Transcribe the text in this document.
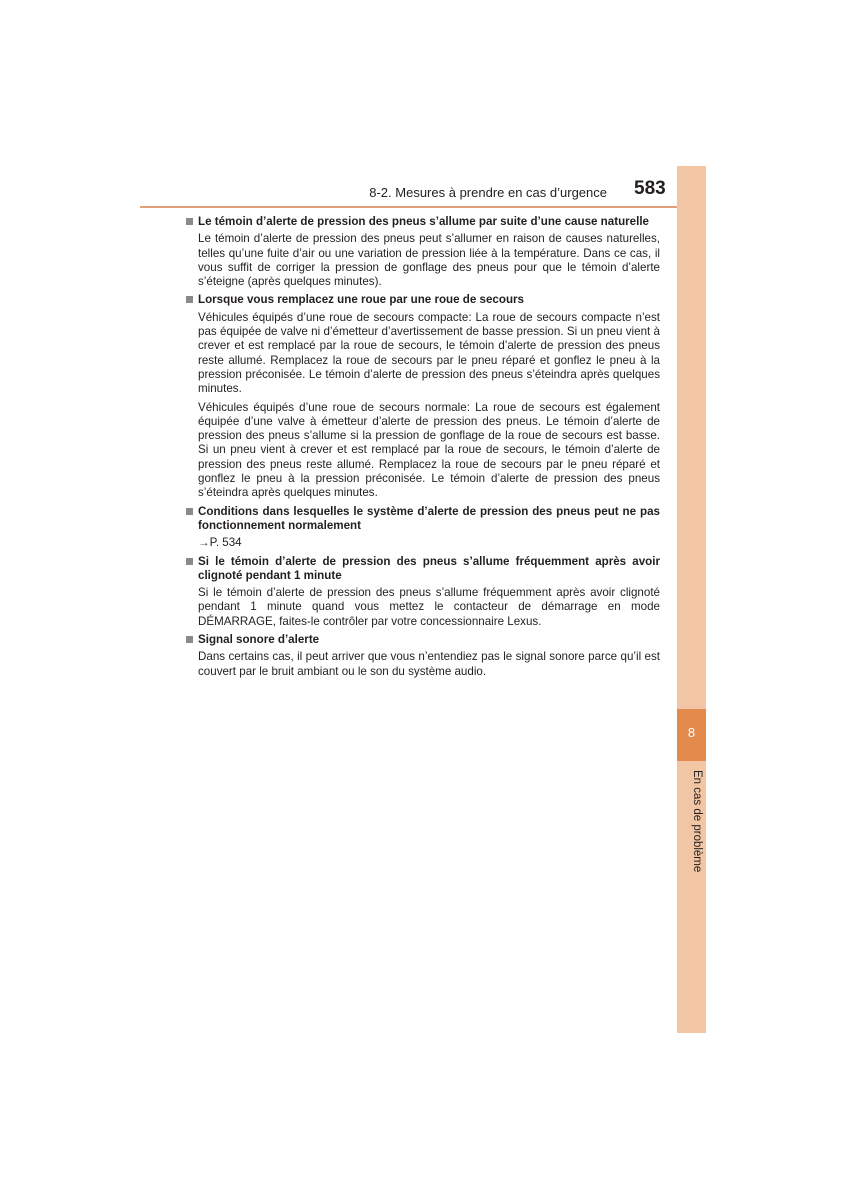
8
En cas de problème
8-2. Mesures à prendre en cas d’urgence 583
Le témoin d’alerte de pression des pneus s’allume par suite d’une cause naturelle

Le témoin d’alerte de pression des pneus peut s’allumer en raison de causes naturelles, telles qu’une fuite d’air ou une variation de pression liée à la température. Dans ce cas, il vous suffit de corriger la pression de gonflage des pneus pour que le témoin d’alerte s’éteigne (après quelques minutes).

Lorsque vous remplacez une roue par une roue de secours

Véhicules équipés d’une roue de secours compacte: La roue de secours compacte n’est pas équipée de valve ni d’émetteur d’avertissement de basse pression. Si un pneu vient à crever et est remplacé par la roue de secours, le témoin d’alerte de pression des pneus reste allumé. Remplacez la roue de secours par le pneu réparé et gonflez le pneu à la pression préconisée. Le témoin d’alerte de pression des pneus s’éteindra après quelques minutes.

Véhicules équipés d’une roue de secours normale: La roue de secours est également équipée d’une valve à émetteur d’alerte de pression des pneus. Le témoin d’alerte de pression des pneus s’allume si la pression de gonflage de la roue de secours est basse. Si un pneu vient à crever et est remplacé par la roue de secours, le témoin d’alerte de pression des pneus reste allumé. Remplacez la roue de secours par le pneu réparé et gonflez le pneu à la pression préconisée. Le témoin d’alerte de pression des pneus s’éteindra après quelques minutes.

Conditions dans lesquelles le système d’alerte de pression des pneus peut ne pas fonctionnement normalement
→P. 534
Si le témoin d’alerte de pression des pneus s’allume fréquemment après avoir clignoté pendant 1 minute

Si le témoin d’alerte de pression des pneus s’allume fréquemment après avoir clignoté pendant 1 minute quand vous mettez le contacteur de démarrage en mode DÉMARRAGE, faites-le contrôler par votre concessionnaire Lexus.

Signal sonore d’alerte

Dans certains cas, il peut arriver que vous n’entendiez pas le signal sonore parce qu’il est couvert par le bruit ambiant ou le son du système audio.
